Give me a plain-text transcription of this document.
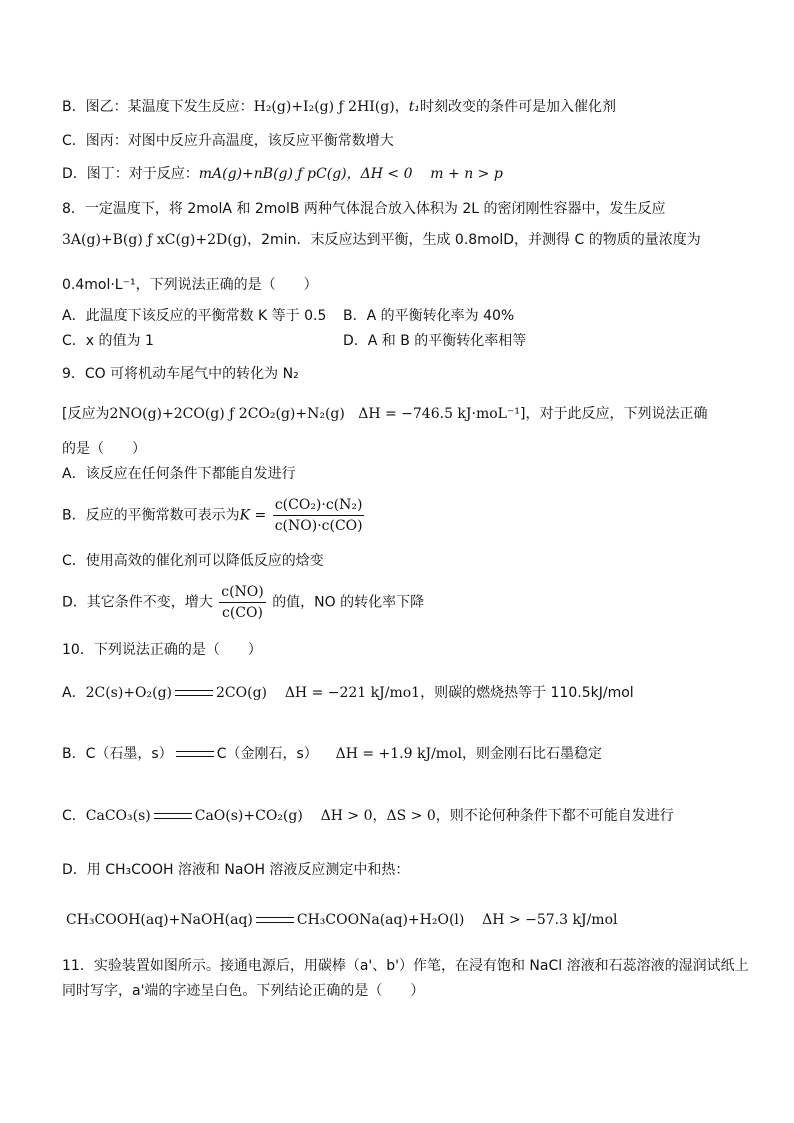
B．图乙：某温度下发生反应：H₂(g)+I₂(g) ƒ 2HI(g)，t₁时刻改变的条件可是加入催化剂
C．图丙：对图中反应升高温度，该反应平衡常数增大
D．图丁：对于反应：mA(g)+nB(g) ƒ pC(g)，ΔH < 0 m + n > p
8．一定温度下，将 2molA 和 2molB 两种气体混合放入体积为 2L 的密闭刚性容器中，发生反应
3A(g)+B(g) ƒ xC(g)+2D(g)，2min．末反应达到平衡，生成 0.8molD，并测得 C 的物质的量浓度为
0.4mol·L⁻¹，下列说法正确的是（　　）
A．此温度下该反应的平衡常数 K 等于 0.5 B．A 的平衡转化率为 40%
C．x 的值为 1	D．A 和 B 的平衡转化率相等
9．CO 可将机动车尾气中的转化为 N₂
[反应为2NO(g)+2CO(g) ƒ 2CO₂(g)+N₂(g) ΔH = −746.5 kJ·moL⁻¹]，对于此反应，下列说法正确
的是（　　）
A．该反应在任何条件下都能自发进行
B．反应的平衡常数可表示为$K = \frac{\text{c(CO₂)·c(N₂)}}{c(NO)\cdot c(CO)}$
C．使用高效的催化剂可以降低反应的焓变
D．其它条件不变，增大 $\frac{c(NO)}{c(CO)}$ 的值，NO 的转化率下降
10．下列说法正确的是（　　）
A．2C(s)+O₂(g)	2CO(g) ΔH = −221 kJ/mo1，则碳的燃烧热等于 110.5kJ/mol
B．C（石墨，s）	C（金刚石，s） ΔH = +1.9 kJ/mol，则金刚石比石墨稳定
C．CaCO₃(s)	CaO(s)+CO₂(g) ΔH > 0，ΔS > 0，则不论何种条件下都不可能自发进行
D．用 CH₃COOH 溶液和 NaOH 溶液反应测定中和热：
CH₃COOH(aq)+NaOH(aq)	CH₃COONa(aq)+H₂O(l) ΔH > −57.3 kJ/mol
11．实验装置如图所示。接通电源后，用碳棒（a'、b'）作笔，在浸有饱和 NaCl 溶液和石蕊溶液的湿润试纸上
同时写字，a'端的字迹呈白色。下列结论正确的是（　　）
